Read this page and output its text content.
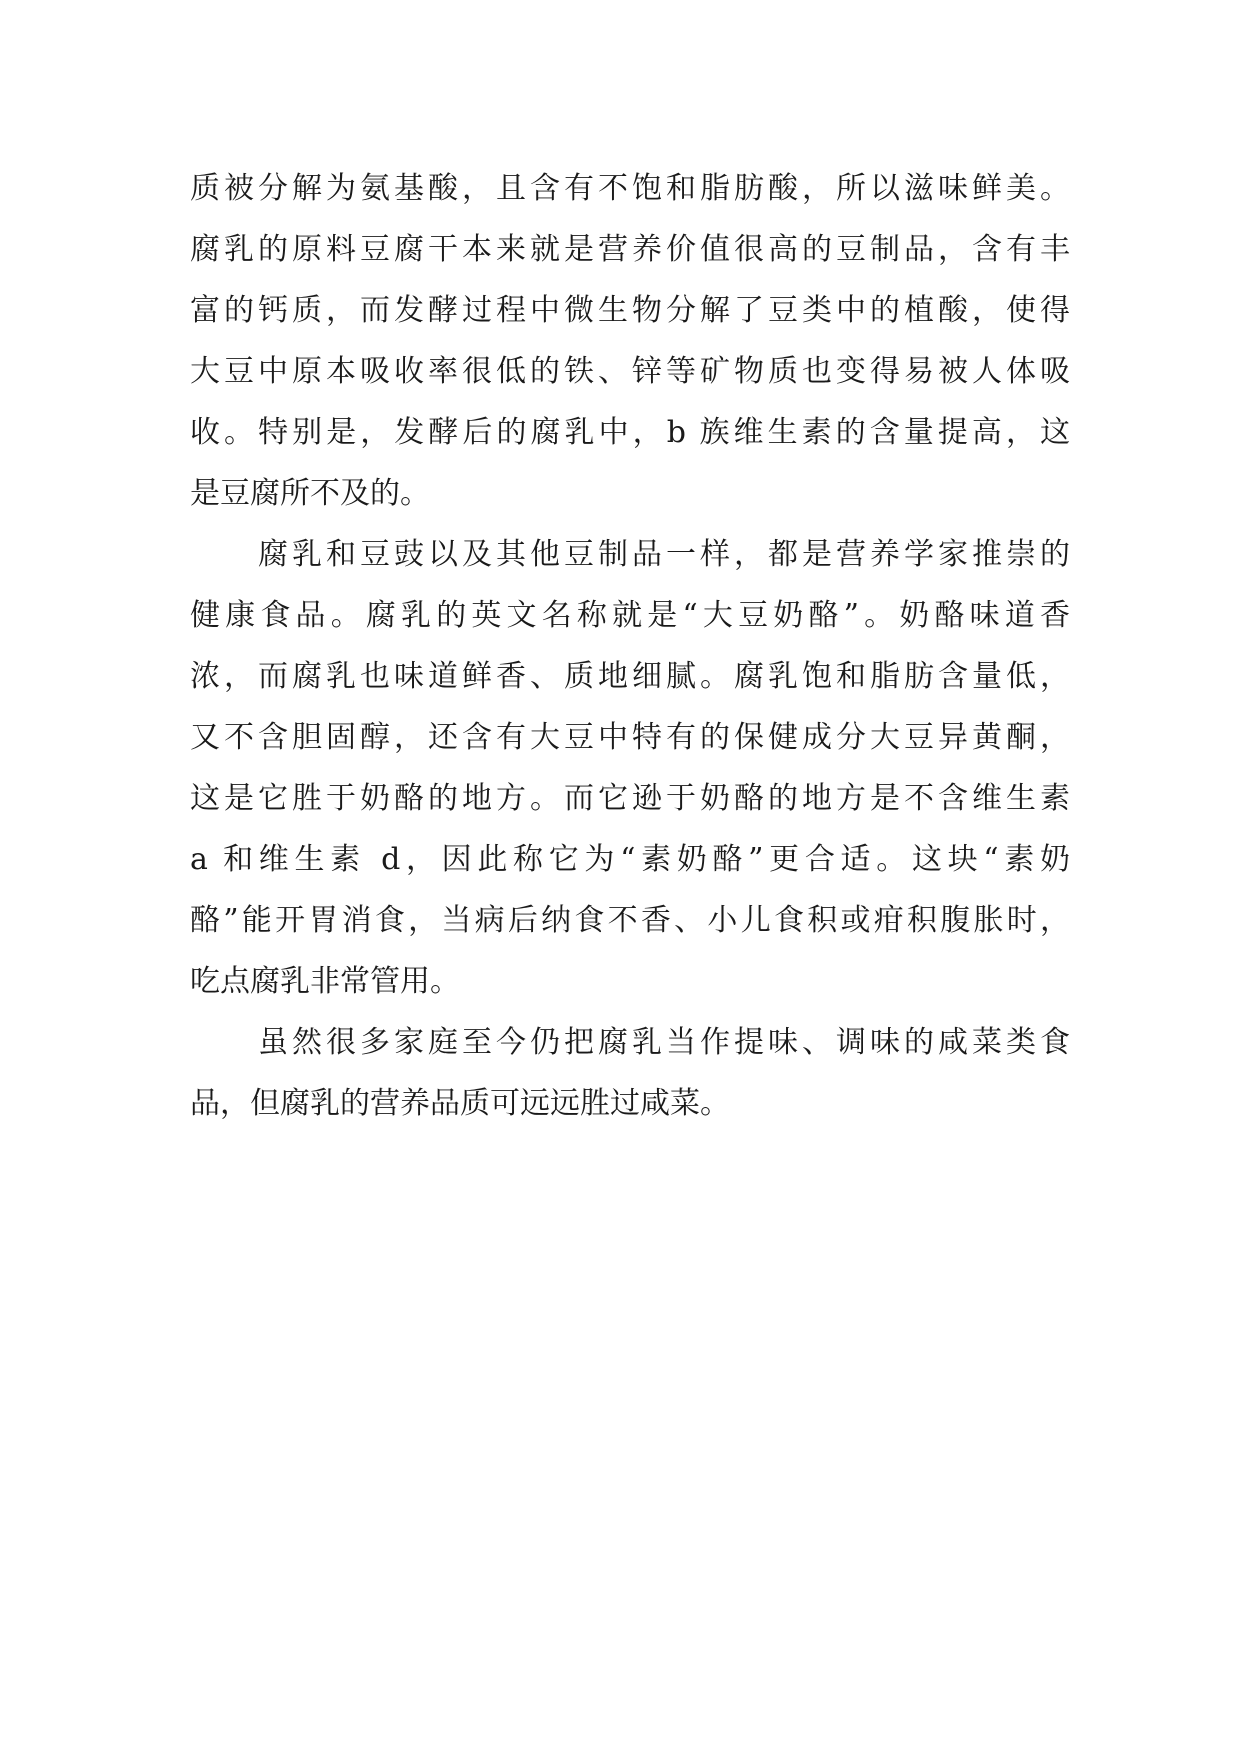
质被分解为氨基酸，且含有不饱和脂肪酸，所以滋味鲜美。
腐乳的原料豆腐干本来就是营养价值很高的豆制品，含有丰
富的钙质，而发酵过程中微生物分解了豆类中的植酸，使得
大豆中原本吸收率很低的铁、锌等矿物质也变得易被人体吸
收。特别是，发酵后的腐乳中，b 族维生素的含量提高，这
是豆腐所不及的。
腐乳和豆豉以及其他豆制品一样，都是营养学家推崇的
健康食品。腐乳的英文名称就是“大豆奶酪”。奶酪味道香
浓，而腐乳也味道鲜香、质地细腻。腐乳饱和脂肪含量低，
又不含胆固醇，还含有大豆中特有的保健成分大豆异黄酮，
这是它胜于奶酪的地方。而它逊于奶酪的地方是不含维生素
a 和维生素 d，因此称它为“素奶酪”更合适。这块“素奶
酪”能开胃消食，当病后纳食不香、小儿食积或疳积腹胀时，
吃点腐乳非常管用。
虽然很多家庭至今仍把腐乳当作提味、调味的咸菜类食
品，但腐乳的营养品质可远远胜过咸菜。
